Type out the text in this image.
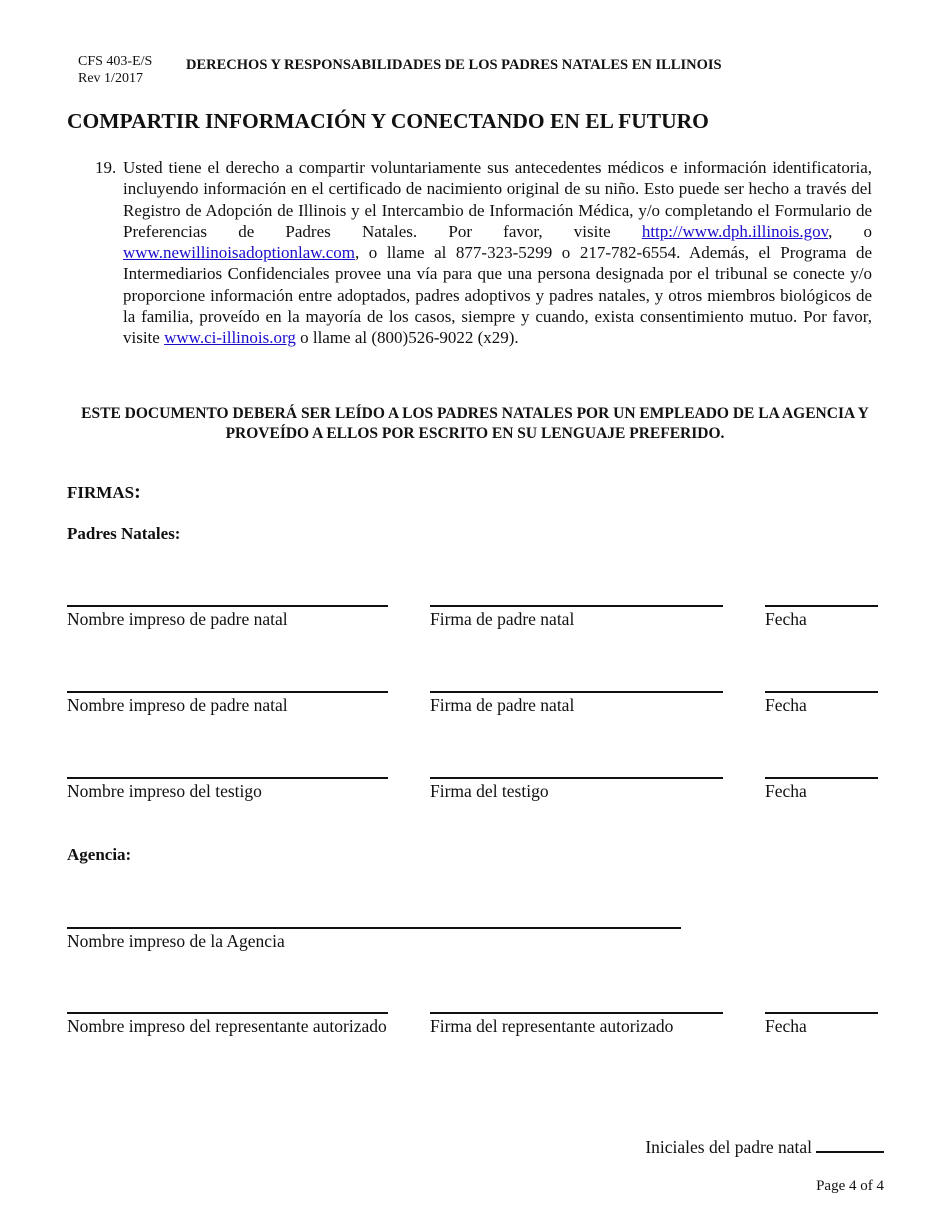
CFS 403-E/S
Rev 1/2017
DERECHOS Y RESPONSABILIDADES DE LOS PADRES NATALES EN ILLINOIS
COMPARTIR INFORMACIÓN Y CONECTANDO EN EL FUTURO
19. Usted tiene el derecho a compartir voluntariamente sus antecedentes médicos e información identificatoria, incluyendo información en el certificado de nacimiento original de su niño. Esto puede ser hecho a través del Registro de Adopción de Illinois y el Intercambio de Información Médica, y/o completando el Formulario de Preferencias de Padres Natales. Por favor, visite http://www.dph.illinois.gov, o www.newillinoisadoptionlaw.com, o llame al 877-323-5299 o 217-782-6554. Además, el Programa de Intermediarios Confidenciales provee una vía para que una persona designada por el tribunal se conecte y/o proporcione información entre adoptados, padres adoptivos y padres natales, y otros miembros biológicos de la familia, proveído en la mayoría de los casos, siempre y cuando, exista consentimiento mutuo. Por favor, visite www.ci-illinois.org o llame al (800)526-9022 (x29).
ESTE DOCUMENTO DEBERÁ SER LEÍDO A LOS PADRES NATALES POR UN EMPLEADO DE LA AGENCIA Y PROVEÍDO A ELLOS POR ESCRITO EN SU LENGUAJE PREFERIDO.
FIRMAS:
Padres Natales:
Nombre impreso de padre natal	Firma de padre natal	Fecha
Nombre impreso de padre natal	Firma de padre natal	Fecha
Nombre impreso del testigo	Firma del testigo	Fecha
Agencia:
Nombre impreso de la Agencia
Nombre impreso del representante autorizado Firma del representante autorizado	Fecha
Iniciales del padre natal
Page 4 of 4
